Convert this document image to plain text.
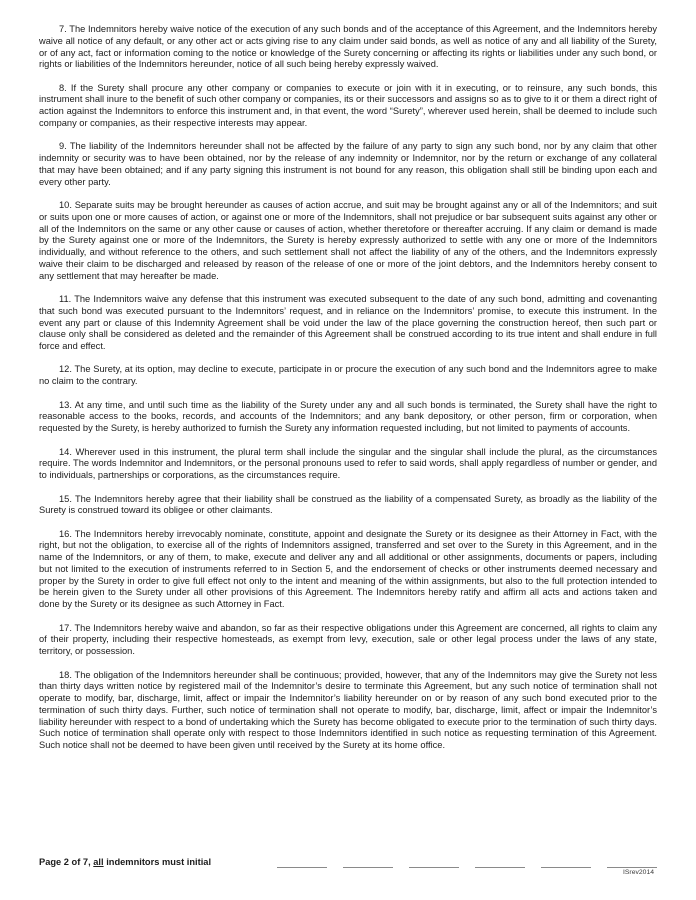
7. The Indemnitors hereby waive notice of the execution of any such bonds and of the acceptance of this Agreement, and the Indemnitors hereby waive all notice of any default, or any other act or acts giving rise to any claim under said bonds, as well as notice of any and all liability of the Surety, or of any act, fact or information coming to the notice or knowledge of the Surety concerning or affecting its rights or liabilities under any such bond, or rights or liabilities of the Indemnitors hereunder, notice of all such being hereby expressly waived.

8. If the Surety shall procure any other company or companies to execute or join with it in executing, or to reinsure, any such bonds, this instrument shall inure to the benefit of such other company or companies, its or their successors and assigns so as to give to it or them a direct right of action against the Indemnitors to enforce this instrument and, in that event, the word “Surety”, wherever used herein, shall be deemed to include such company or companies, as their respective interests may appear.

9. The liability of the Indemnitors hereunder shall not be affected by the failure of any party to sign any such bond, nor by any claim that other indemnity or security was to have been obtained, nor by the release of any indemnity or Indemnitor, nor by the return or exchange of any collateral that may have been obtained; and if any party signing this instrument is not bound for any reason, this obligation shall still be binding upon each and every other party.

10. Separate suits may be brought hereunder as causes of action accrue, and suit may be brought against any or all of the Indemnitors; and suit or suits upon one or more causes of action, or against one or more of the Indemnitors, shall not prejudice or bar subsequent suits against any other or all of the Indemnitors on the same or any other cause or causes of action, whether theretofore or thereafter accruing. If any claim or demand is made by the Surety against one or more of the Indemnitors, the Surety is hereby expressly authorized to settle with any one or more of the Indemnitors individually, and without reference to the others, and such settlement shall not affect the liability of any of the others, and the Indemnitors expressly waive their claim to be discharged and released by reason of the release of one or more of the joint debtors, and the Indemnitors hereby consent to any settlement that may hereafter be made.

11. The Indemnitors waive any defense that this instrument was executed subsequent to the date of any such bond, admitting and covenanting that such bond was executed pursuant to the Indemnitors’ request, and in reliance on the Indemnitors’ promise, to execute this instrument. In the event any part or clause of this Indemnity Agreement shall be void under the law of the place governing the construction hereof, then such part or clause only shall be considered as deleted and the remainder of this Agreement shall be construed according to its true intent and shall endure in full force and effect.

12. The Surety, at its option, may decline to execute, participate in or procure the execution of any such bond and the Indemnitors agree to make no claim to the contrary.

13. At any time, and until such time as the liability of the Surety under any and all such bonds is terminated, the Surety shall have the right to reasonable access to the books, records, and accounts of the Indemnitors; and any bank depository, or other person, firm or corporation, when requested by the Surety, is hereby authorized to furnish the Surety any information requested including, but not limited to payments of accounts.

14. Wherever used in this instrument, the plural term shall include the singular and the singular shall include the plural, as the circumstances require. The words Indemnitor and Indemnitors, or the personal pronouns used to refer to said words, shall apply regardless of number or gender, and to individuals, partnerships or corporations, as the circumstances require.

15. The Indemnitors hereby agree that their liability shall be construed as the liability of a compensated Surety, as broadly as the liability of the Surety is construed toward its obligee or other claimants.

16. The Indemnitors hereby irrevocably nominate, constitute, appoint and designate the Surety or its designee as their Attorney in Fact, with the right, but not the obligation, to exercise all of the rights of Indemnitors assigned, transferred and set over to the Surety in this Agreement, and in the name of the Indemnitors, or any of them, to make, execute and deliver any and all additional or other assignments, documents or papers, including but not limited to the execution of instruments referred to in Section 5, and the endorsement of checks or other instruments deemed necessary and proper by the Surety in order to give full effect not only to the intent and meaning of the within assignments, but also to the full protection intended to be herein given to the Surety under all other provisions of this Agreement. The Indemnitors hereby ratify and affirm all acts and actions taken and done by the Surety or its designee as such Attorney in Fact.

17. The Indemnitors hereby waive and abandon, so far as their respective obligations under this Agreement are concerned, all rights to claim any of their property, including their respective homesteads, as exempt from levy, execution, sale or other legal process under the laws of any state, territory, or possession.

18. The obligation of the Indemnitors hereunder shall be continuous; provided, however, that any of the Indemnitors may give the Surety not less than thirty days written notice by registered mail of the Indemnitor’s desire to terminate this Agreement, but any such notice of termination shall not operate to modify, bar, discharge, limit, affect or impair the Indemnitor’s liability hereunder on or by reason of any such bond executed prior to the termination of such thirty days. Further, such notice of termination shall not operate to modify, bar, discharge, limit, affect or impair the Indemnitor’s liability hereunder with respect to a bond of undertaking which the Surety has become obligated to execute prior to the termination of such thirty days. Such notice of termination shall operate only with respect to those Indemnitors identified in such notice as requesting termination of this Agreement. Such notice shall not be deemed to have been given until received by the Surety at its home office.

Page 2 of 7, all indemnitors must initial
ISrev2014
